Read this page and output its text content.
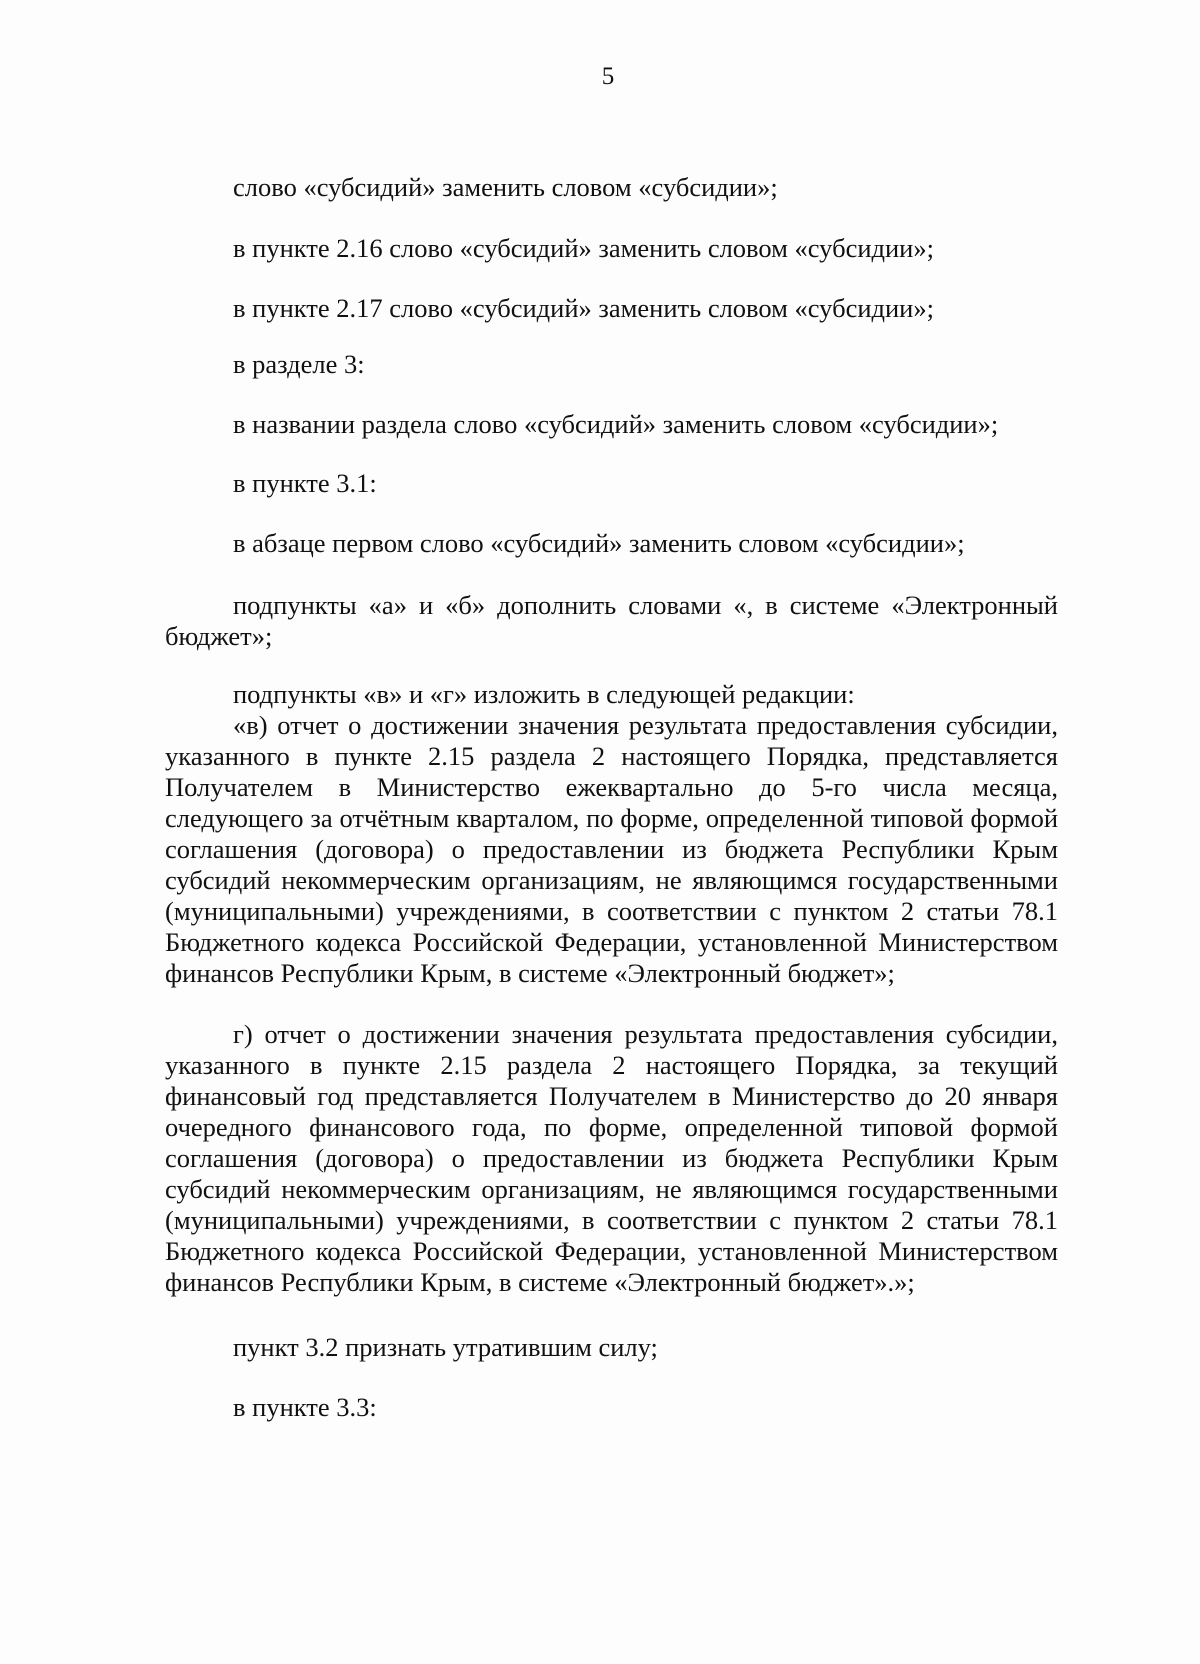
5

слово «субсидий» заменить словом «субсидии»;

в пункте 2.16 слово «субсидий» заменить словом «субсидии»;

в пункте 2.17 слово «субсидий» заменить словом «субсидии»;

в разделе 3:

в названии раздела слово «субсидий» заменить словом «субсидии»;

в пункте 3.1:

в абзаце первом слово «субсидий» заменить словом «субсидии»;

подпункты «а» и «б» дополнить словами «, в системе «Электронный бюджет»;

подпункты «в» и «г» изложить в следующей редакции:

«в) отчет о достижении значения результата предоставления субсидии, указанного в пункте 2.15 раздела 2 настоящего Порядка, представляется Получателем в Министерство ежеквартально до 5-го числа месяца, следующего за отчётным кварталом, по форме, определенной типовой формой соглашения (договора) о предоставлении из бюджета Республики Крым субсидий некоммерческим организациям, не являющимся государственными (муниципальными) учреждениями, в соответствии с пунктом 2 статьи 78.1 Бюджетного кодекса Российской Федерации, установленной Министерством финансов Республики Крым, в системе «Электронный бюджет»;

г) отчет о достижении значения результата предоставления субсидии, указанного в пункте 2.15 раздела 2 настоящего Порядка, за текущий финансовый год представляется Получателем в Министерство до 20 января очередного финансового года, по форме, определенной типовой формой соглашения (договора) о предоставлении из бюджета Республики Крым субсидий некоммерческим организациям, не являющимся государственными (муниципальными) учреждениями, в соответствии с пунктом 2 статьи 78.1 Бюджетного кодекса Российской Федерации, установленной Министерством финансов Республики Крым, в системе «Электронный бюджет».»;

пункт 3.2 признать утратившим силу;

в пункте 3.3:
